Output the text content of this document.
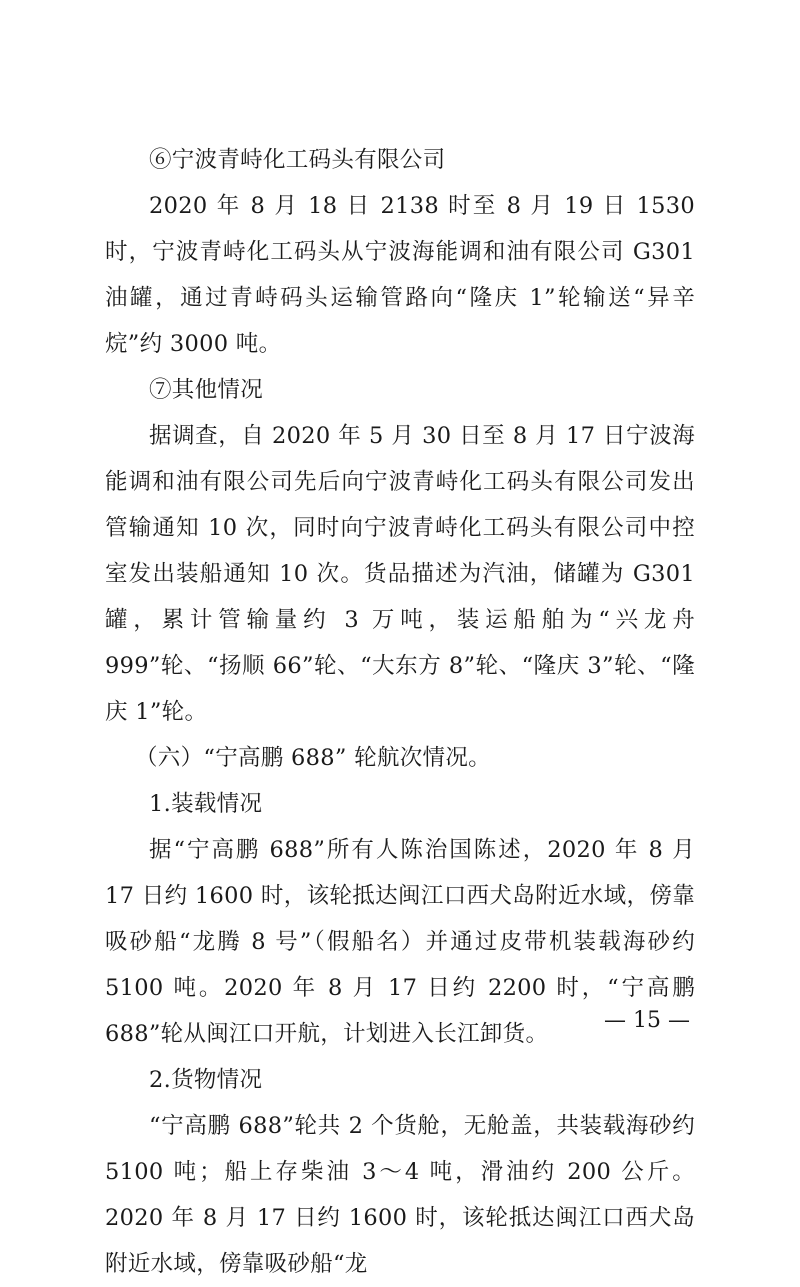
⑥宁波青峙化工码头有限公司

2020 年 8 月 18 日 2138 时至 8 月 19 日 1530 时，宁波青峙化工码头从宁波海能调和油有限公司 G301 油罐，通过青峙码头运输管路向“隆庆 1”轮输送“异辛烷”约 3000 吨。

⑦其他情况

据调查，自 2020 年 5 月 30 日至 8 月 17 日宁波海能调和油有限公司先后向宁波青峙化工码头有限公司发出管输通知 10 次，同时向宁波青峙化工码头有限公司中控室发出装船通知 10 次。货品描述为汽油，储罐为 G301 罐，累计管输量约 3 万吨，装运船舶为“兴龙舟 999”轮、“扬顺 66”轮、“大东方 8”轮、“隆庆 3”轮、“隆庆 1”轮。

（六）“宁高鹏 688” 轮航次情况。

1.装载情况

据“宁高鹏 688”所有人陈治国陈述，2020 年 8 月 17 日约 1600 时，该轮抵达闽江口西犬岛附近水域，傍靠吸砂船“龙腾 8 号”（假船名）并通过皮带机装载海砂约 5100 吨。2020 年 8 月 17 日约 2200 时，“宁高鹏 688”轮从闽江口开航，计划进入长江卸货。

2.货物情况

“宁高鹏 688”轮共 2 个货舱，无舱盖，共装载海砂约 5100 吨；船上存柴油 3～4 吨，滑油约 200 公斤。2020 年 8 月 17 日约 1600 时，该轮抵达闽江口西犬岛附近水域，傍靠吸砂船“龙

— 15 —
